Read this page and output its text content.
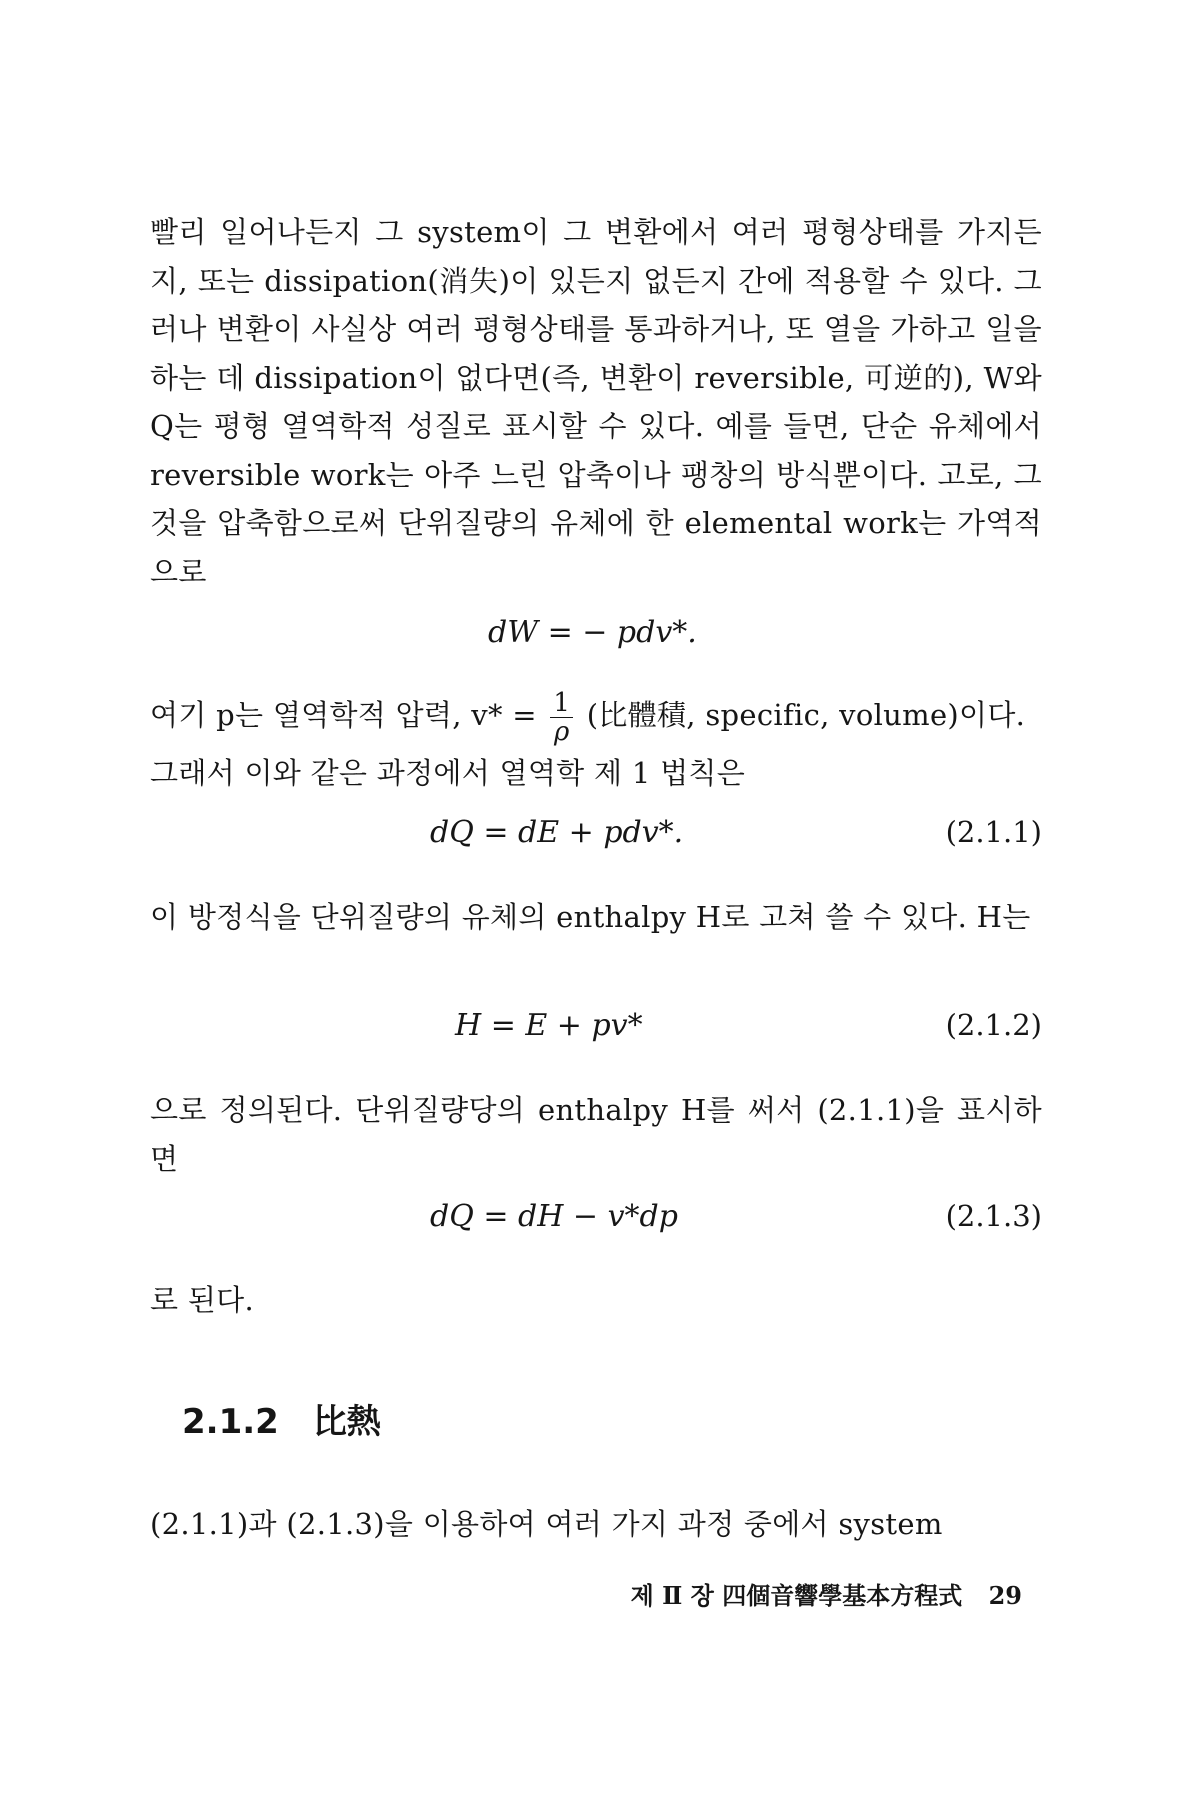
빨리 일어나든지 그 system이 그 변환에서 여러 평형상태를 가지든지, 또는 dissipation(消失)이 있든지 없든지 간에 적용할 수 있다. 그러나 변환이 사실상 여러 평형상태를 통과하거나, 또 열을 가하고 일을 하는 데 dissipation이 없다면(즉, 변환이 reversible, 可逆的), W와 Q는 평형 열역학적 성질로 표시할 수 있다. 예를 들면, 단순 유체에서 reversible work는 아주 느린 압축이나 팽창의 방식뿐이다. 고로, 그것을 압축함으로써 단위질량의 유체에 한 elemental work는 가역적으로
dW = − pdv*.
여기 p는 열역학적 압력, $v* = \frac{1}{\rho}$ (比體積, specific, volume)이다.
그래서 이와 같은 과정에서 열역학 제 1 법칙은
dQ = dE + pdv*.	(2.1.1)
이 방정식을 단위질량의 유체의 enthalpy H로 고쳐 쓸 수 있다. H는
H = E + pv*	(2.1.2)
으로 정의된다. 단위질량당의 enthalpy H를 써서 (2.1.1)을 표시하면
dQ = dH − v*dp	(2.1.3)
로 된다.
2.1.2 比熱
(2.1.1)과 (2.1.3)을 이용하여 여러 가지 과정 중에서 system
제 Ⅱ 장 四個音響學基本方程式 29
